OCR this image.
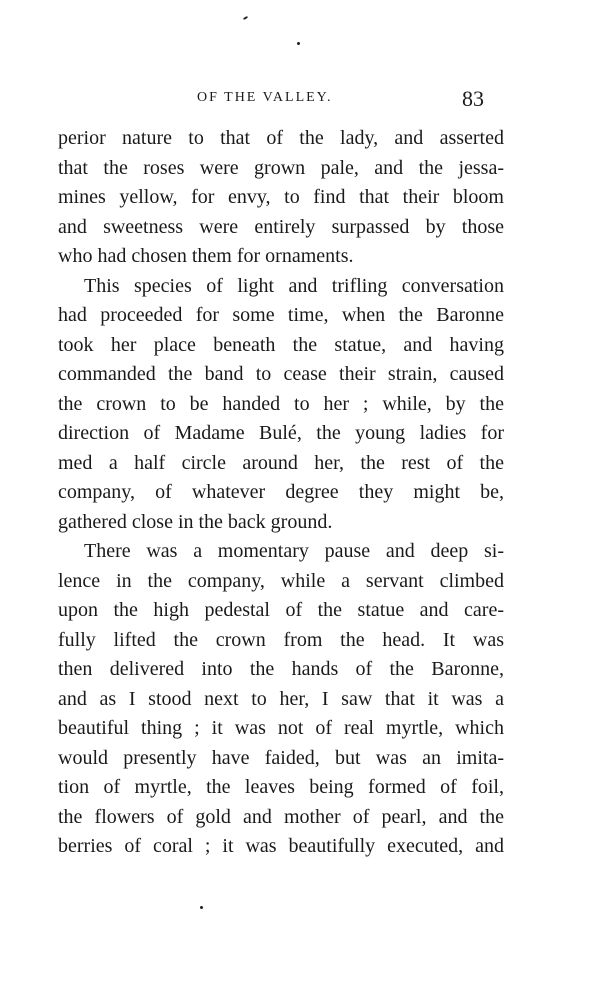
OF THE VALLEY.	83
perior nature to that of the lady, and asserted
that the roses were grown pale, and the jessa-
mines yellow, for envy, to find that their bloom
and sweetness were entirely surpassed by those
who had chosen them for ornaments.
This species of light and trifling conversation
had proceeded for some time, when the Baronne
took her place beneath the statue, and having
commanded the band to cease their strain, caused
the crown to be handed to her ; while, by the
direction of Madame Bulé, the young ladies for
med a half circle around her, the rest of the
company, of whatever degree they might be,
gathered close in the back ground.
There was a momentary pause and deep si-
lence in the company, while a servant climbed
upon the high pedestal of the statue and care-
fully lifted the crown from the head. It was
then delivered into the hands of the Baronne,
and as I stood next to her, I saw that it was a
beautiful thing ; it was not of real myrtle, which
would presently have faided, but was an imita-
tion of myrtle, the leaves being formed of foil,
the flowers of gold and mother of pearl, and the
berries of coral ; it was beautifully executed, and
